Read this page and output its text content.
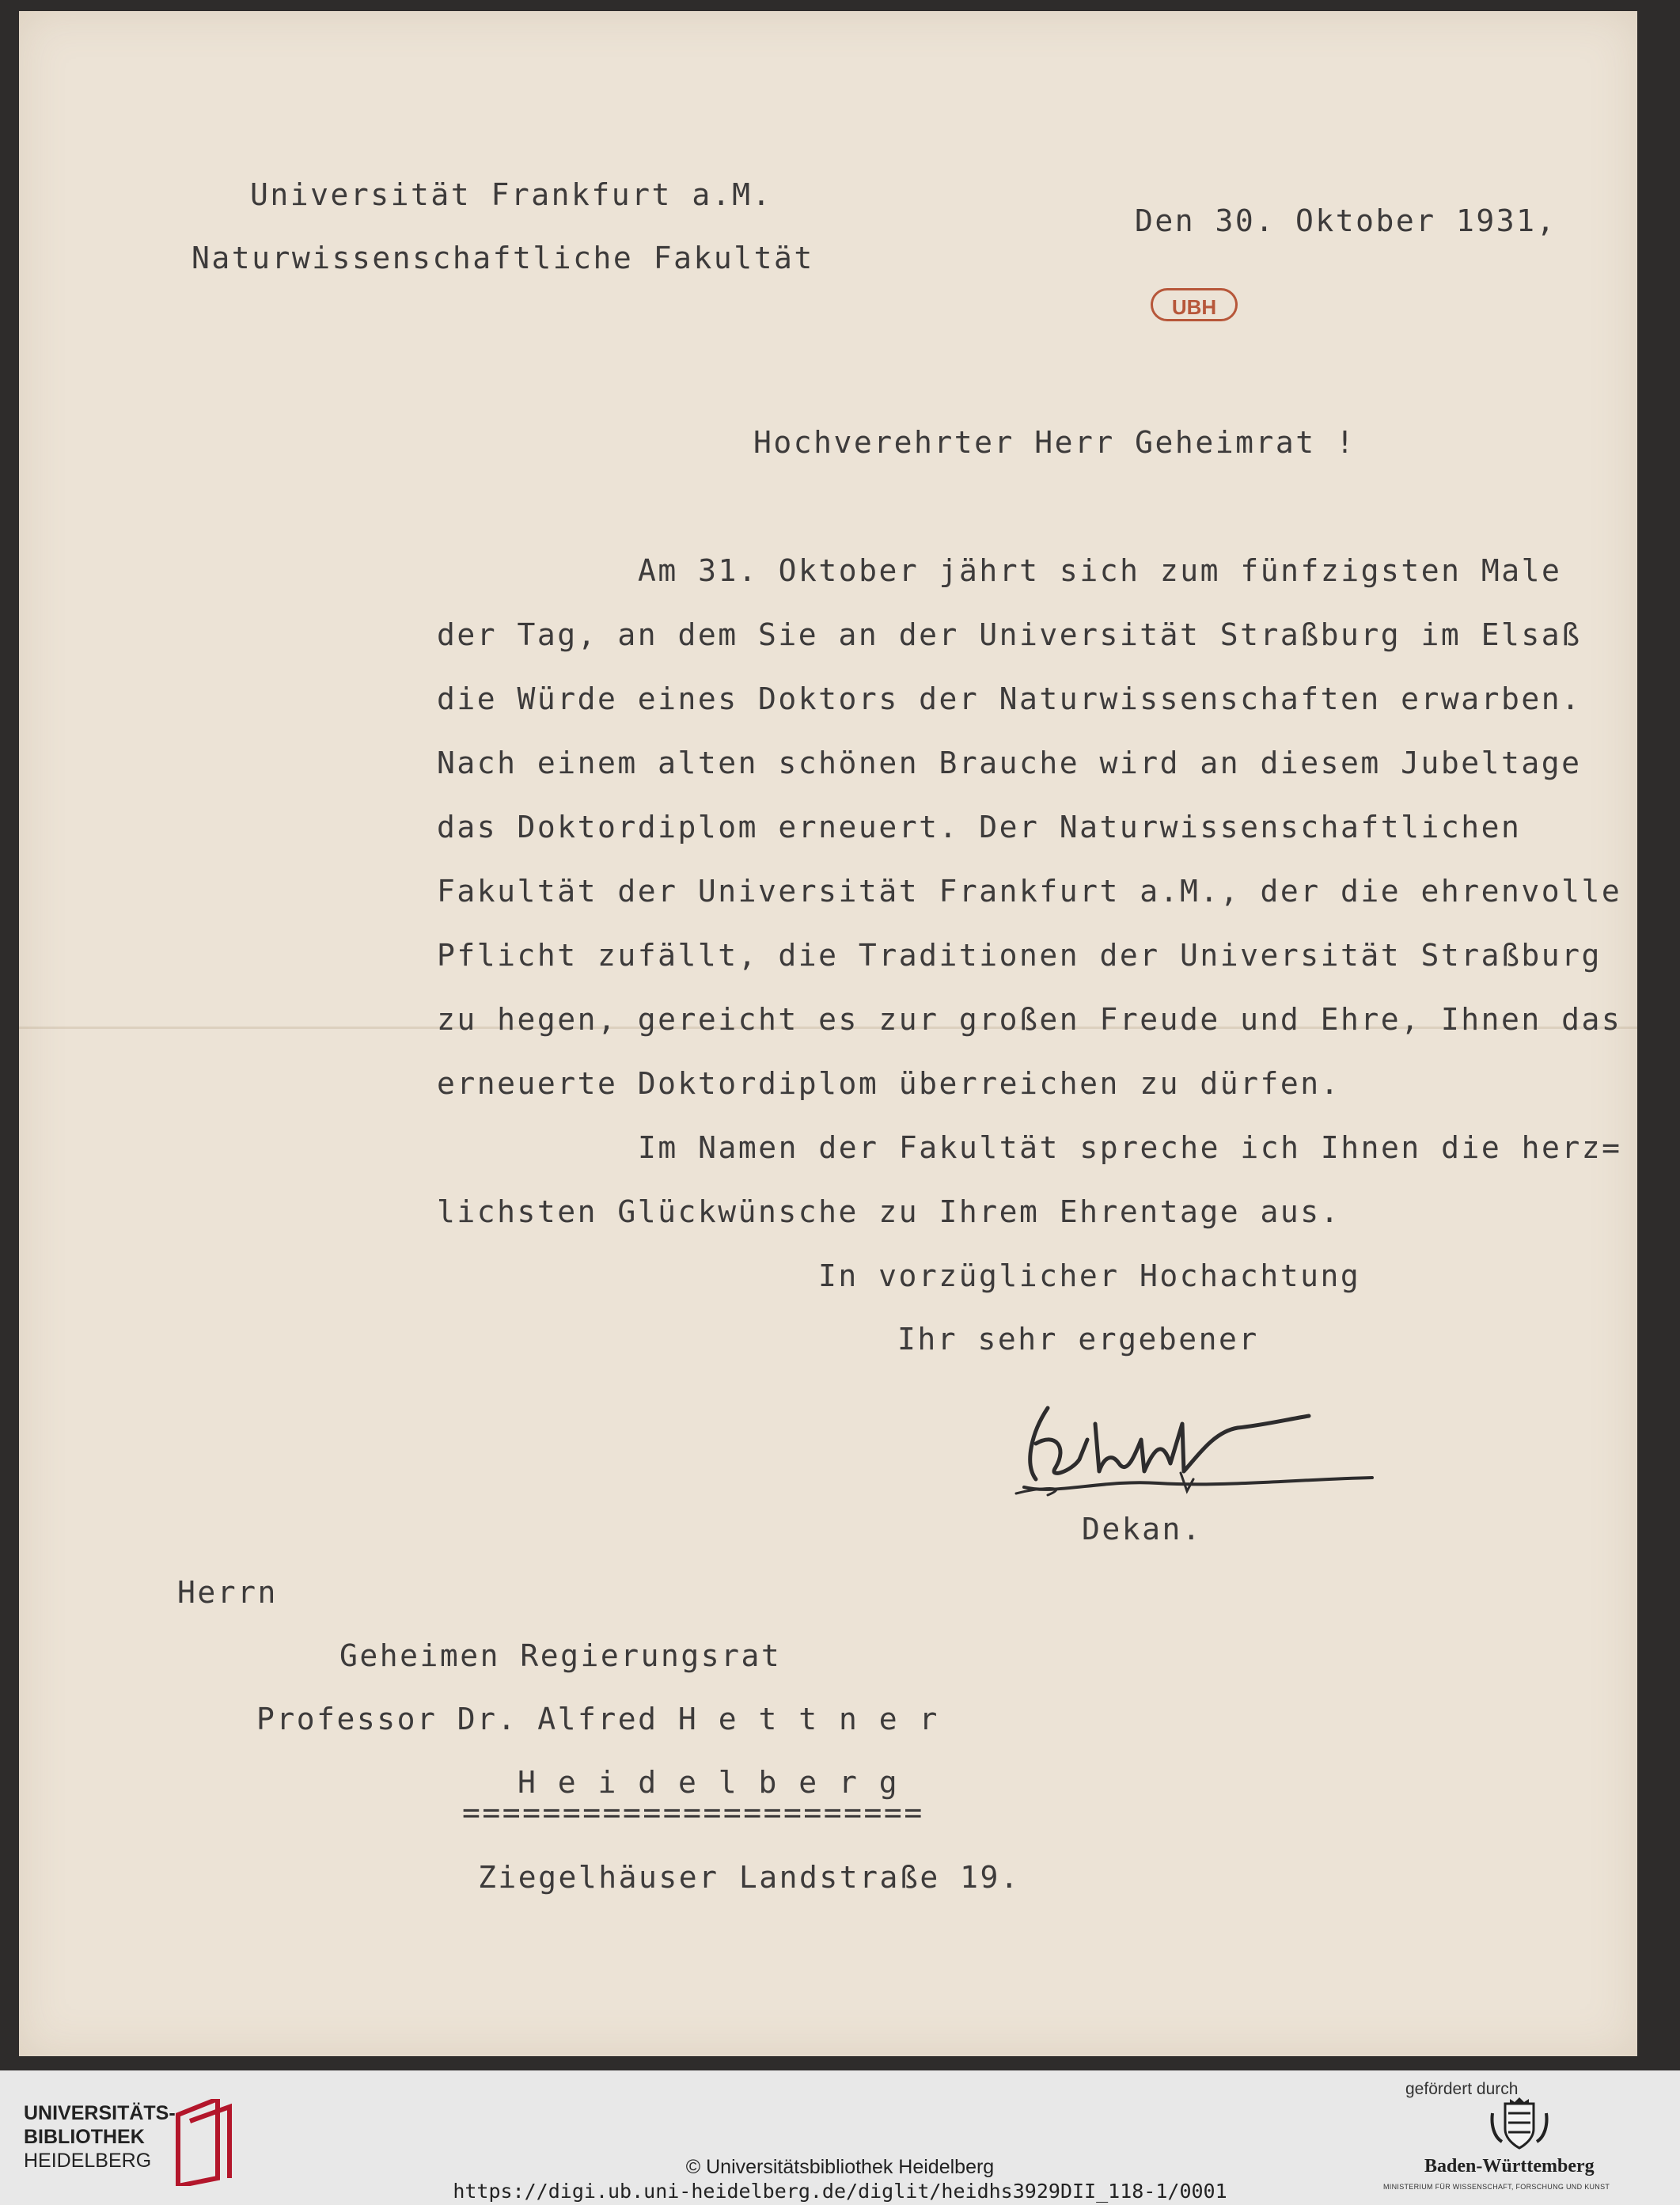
Universität Frankfurt a.M.

Naturwissenschaftliche Fakultät

Den 30. Oktober 1931,

UBH

Hochverehrter Herr Geheimrat !

Am 31. Oktober jährt sich zum fünfzigsten Male

der Tag, an dem Sie an der Universität Straßburg im Elsaß

die Würde eines Doktors der Naturwissenschaften erwarben.

Nach einem alten schönen Brauche wird an diesem Jubeltage

das Doktordiplom erneuert. Der Naturwissenschaftlichen

Fakultät der Universität Frankfurt a.M., der die ehrenvolle

Pflicht zufällt, die Traditionen der Universität Straßburg

zu hegen, gereicht es zur großen Freude und Ehre, Ihnen das

erneuerte Doktordiplom überreichen zu dürfen.

Im Namen der Fakultät spreche ich Ihnen die herz=

lichsten Glückwünsche zu Ihrem Ehrentage aus.

In vorzüglicher Hochachtung

Ihr sehr ergebener

Dekan.

Herrn

Geheimen Regierungsrat

Professor Dr. Alfred H e t t n e r

H e i d e l b e r g

=======================

Ziegelhäuser Landstraße 19.

UNIVERSITÄTS-
BIBLIOTHEK
HEIDELBERG	© Universitätsbibliothek Heidelberg
https://digi.ub.uni-heidelberg.de/diglit/heidhs3929DII_118-1/0001
gefördert durch
Baden-Württemberg
MINISTERIUM FÜR WISSENSCHAFT, FORSCHUNG UND KUNST
